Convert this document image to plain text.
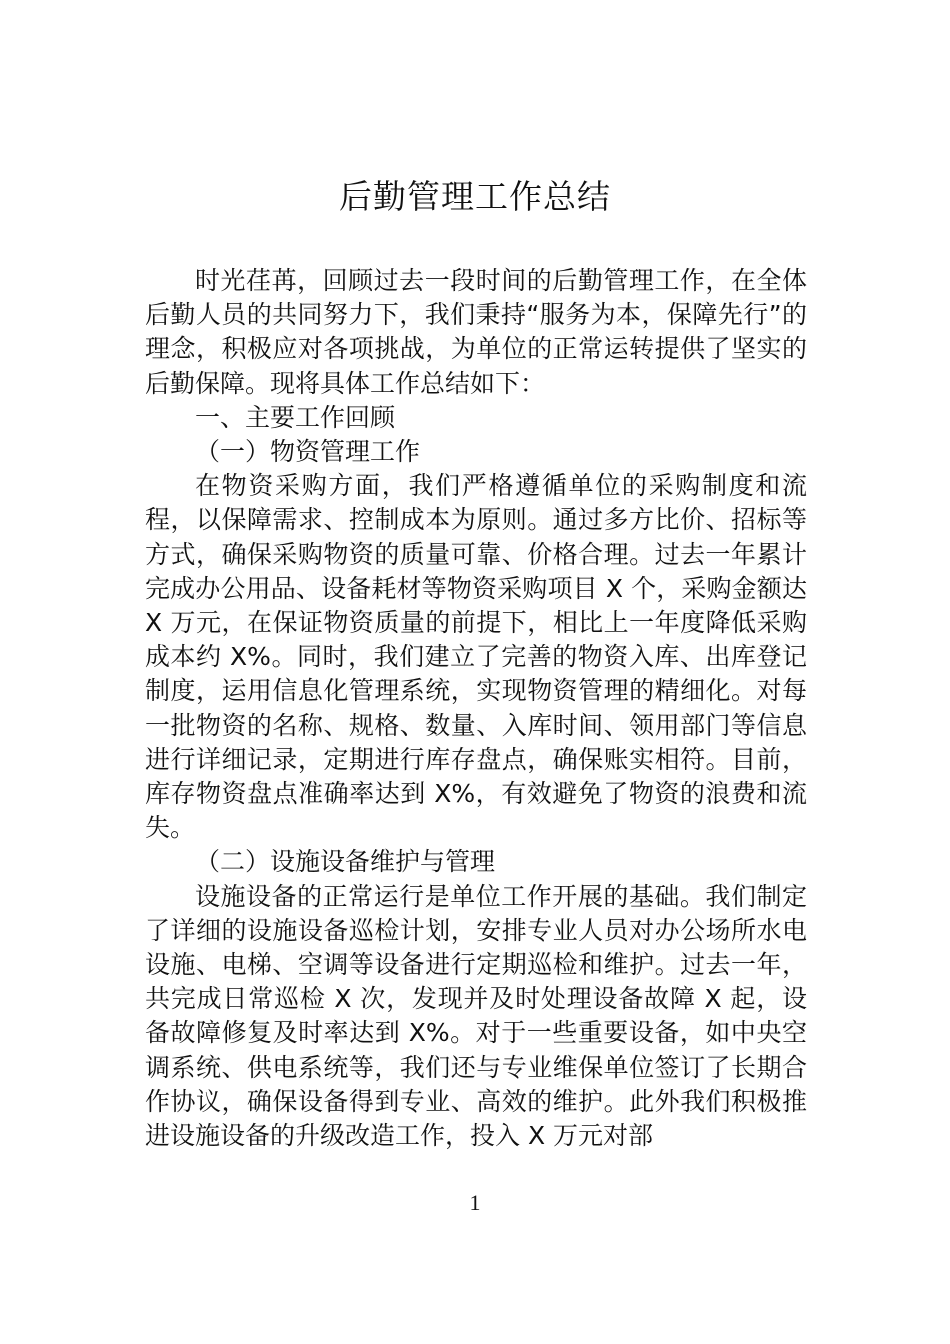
后勤管理工作总结

时光荏苒，回顾过去一段时间的后勤管理工作，在全体后勤人员的共同努力下，我们秉持“服务为本，保障先行”的理念，积极应对各项挑战，为单位的正常运转提供了坚实的后勤保障。现将具体工作总结如下：

一、主要工作回顾

（一）物资管理工作

在物资采购方面，我们严格遵循单位的采购制度和流程，以保障需求、控制成本为原则。通过多方比价、招标等方式，确保采购物资的质量可靠、价格合理。过去一年累计完成办公用品、设备耗材等物资采购项目 X 个，采购金额达 X 万元，在保证物资质量的前提下，相比上一年度降低采购成本约 X%。同时，我们建立了完善的物资入库、出库登记制度，运用信息化管理系统，实现物资管理的精细化。对每一批物资的名称、规格、数量、入库时间、领用部门等信息进行详细记录，定期进行库存盘点，确保账实相符。目前，库存物资盘点准确率达到 X%，有效避免了物资的浪费和流失。

（二）设施设备维护与管理

设施设备的正常运行是单位工作开展的基础。我们制定了详细的设施设备巡检计划，安排专业人员对办公场所水电设施、电梯、空调等设备进行定期巡检和维护。过去一年，共完成日常巡检 X 次，发现并及时处理设备故障 X 起，设备故障修复及时率达到 X%。对于一些重要设备，如中央空调系统、供电系统等，我们还与专业维保单位签订了长期合作协议，确保设备得到专业、高效的维护。此外我们积极推进设施设备的升级改造工作，投入 X 万元对部

1
